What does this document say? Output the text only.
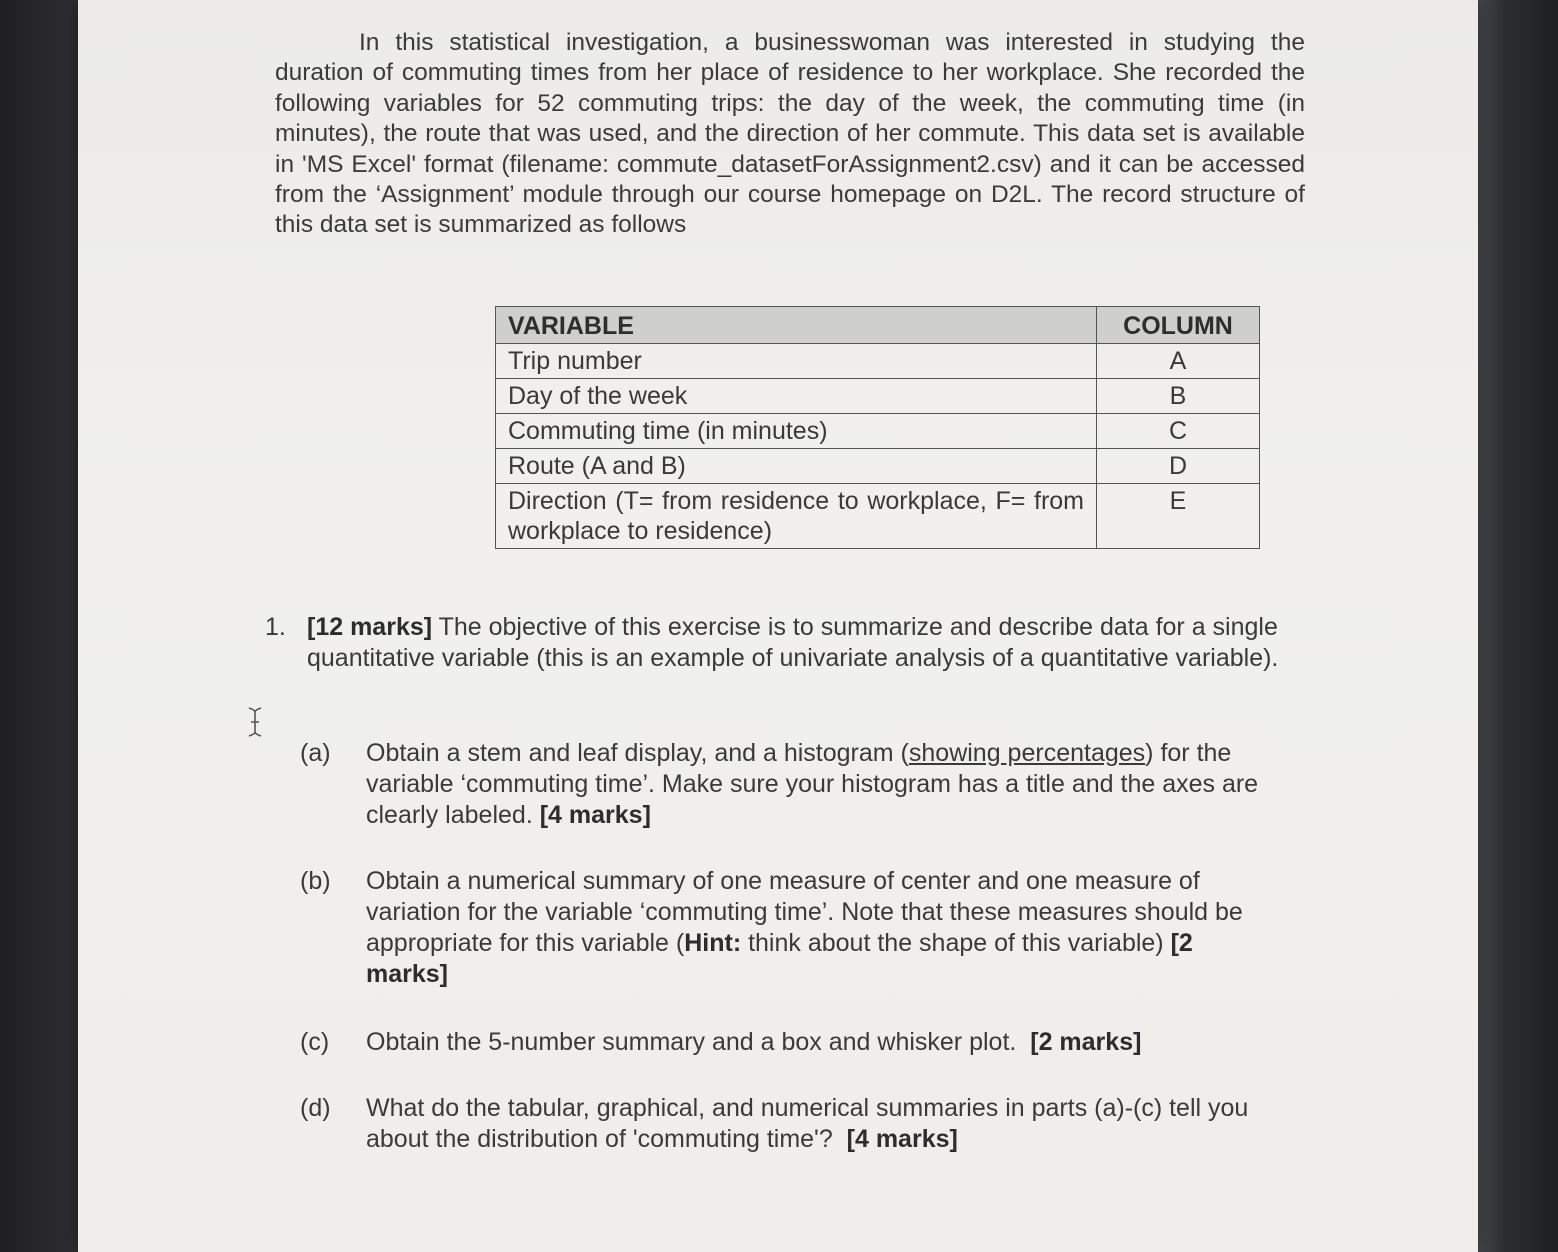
In this statistical investigation, a businesswoman was interested in studying the duration of commuting times from her place of residence to her workplace. She recorded the following variables for 52 commuting trips: the day of the week, the commuting time (in minutes), the route that was used, and the direction of her commute. This data set is available in 'MS Excel' format (filename: commute_datasetForAssignment2.csv) and it can be accessed from the ‘Assignment’ module through our course homepage on D2L. The record structure of this data set is summarized as follows

VARIABLE	COLUMN
Trip number	A
Day of the week	B
Commuting time (in minutes)	C
Route (A and B)	D
Direction (T= from residence to workplace, F= from workplace to residence)	E
1. [12 marks] The objective of this exercise is to summarize and describe data for a single quantitative variable (this is an example of univariate analysis of a quantitative variable).
(a)	Obtain a stem and leaf display, and a histogram (showing percentages) for the variable ‘commuting time’. Make sure your histogram has a title and the axes are clearly labeled. [4 marks]
(b)	Obtain a numerical summary of one measure of center and one measure of variation for the variable ‘commuting time’. Note that these measures should be appropriate for this variable (Hint: think about the shape of this variable) [2 marks]
(c)	Obtain the 5-number summary and a box and whisker plot. [2 marks]
(d)	What do the tabular, graphical, and numerical summaries in parts (a)-(c) tell you about the distribution of 'commuting time'? [4 marks]
